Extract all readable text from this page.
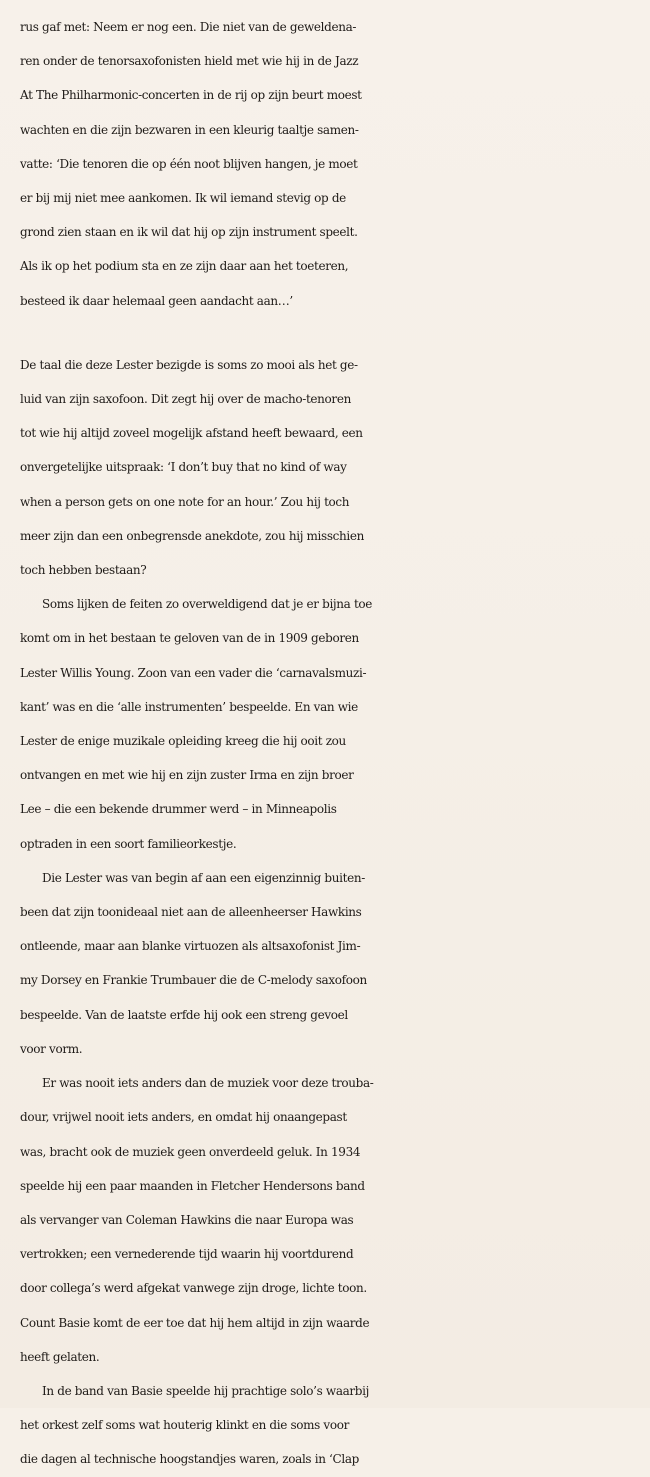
rus gaf met: Neem er nog een. Die niet van de geweldena-
ren onder de tenorsaxofonisten hield met wie hij in de Jazz
At The Philharmonic-concerten in de rij op zijn beurt moest
wachten en die zijn bezwaren in een kleurig taaltje samen-
vatte: ‘Die tenoren die op één noot blijven hangen, je moet
er bij mij niet mee aankomen. Ik wil iemand stevig op de
grond zien staan en ik wil dat hij op zijn instrument speelt.
Als ik op het podium sta en ze zijn daar aan het toeteren,
besteed ik daar helemaal geen aandacht aan…’
De taal die deze Lester bezigde is soms zo mooi als het ge-
luid van zijn saxofoon. Dit zegt hij over de macho-tenoren
tot wie hij altijd zoveel mogelijk afstand heeft bewaard, een
onvergetelijke uitspraak: ‘I don’t buy that no kind of way
when a person gets on one note for an hour.’ Zou hij toch
meer zijn dan een onbegrensde anekdote, zou hij misschien
toch hebben bestaan?
Soms lijken de feiten zo overweldigend dat je er bijna toe
komt om in het bestaan te geloven van de in 1909 geboren
Lester Willis Young. Zoon van een vader die ‘carnavalsmuzi-
kant’ was en die ‘alle instrumenten’ bespeelde. En van wie
Lester de enige muzikale opleiding kreeg die hij ooit zou
ontvangen en met wie hij en zijn zuster Irma en zijn broer
Lee – die een bekende drummer werd – in Minneapolis
optraden in een soort familieorkestje.
Die Lester was van begin af aan een eigenzinnig buiten-
been dat zijn toonideaal niet aan de alleenheerser Hawkins
ontleende, maar aan blanke virtuozen als altsaxofonist Jim-
my Dorsey en Frankie Trumbauer die de C-melody saxofoon
bespeelde. Van de laatste erfde hij ook een streng gevoel
voor vorm.
Er was nooit iets anders dan de muziek voor deze trouba-
dour, vrijwel nooit iets anders, en omdat hij onaangepast
was, bracht ook de muziek geen onverdeeld geluk. In 1934
speelde hij een paar maanden in Fletcher Hendersons band
als vervanger van Coleman Hawkins die naar Europa was
vertrokken; een vernederende tijd waarin hij voortdurend
door collega’s werd afgekat vanwege zijn droge, lichte toon.
Count Basie komt de eer toe dat hij hem altijd in zijn waarde
heeft gelaten.
In de band van Basie speelde hij prachtige solo’s waarbij
het orkest zelf soms wat houterig klinkt en die soms voor
die dagen al technische hoogstandjes waren, zoals in ‘Clap
